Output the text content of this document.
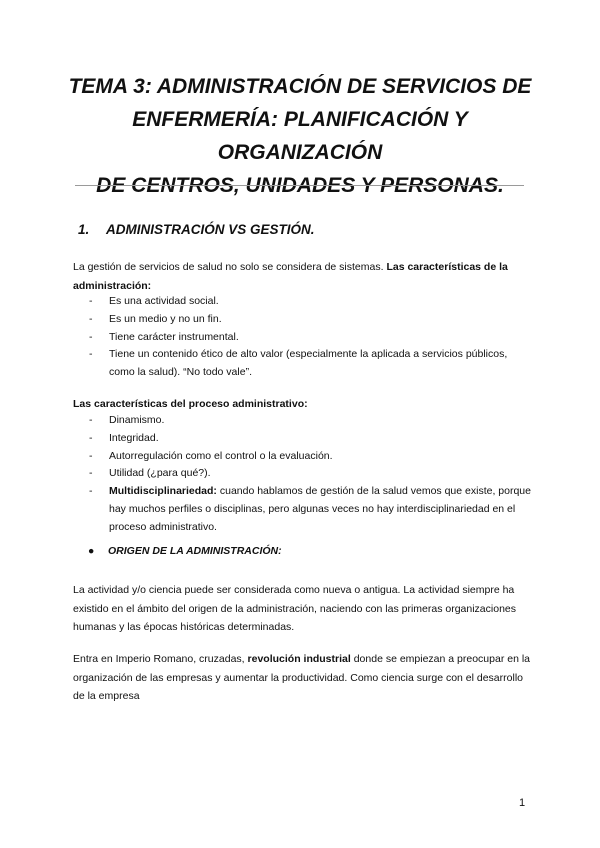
TEMA 3: ADMINISTRACIÓN DE SERVICIOS DE
ENFERMERÍA: PLANIFICACIÓN Y ORGANIZACIÓN
DE CENTROS, UNIDADES Y PERSONAS.
1. ADMINISTRACIÓN VS GESTIÓN.

La gestión de servicios de salud no solo se considera de sistemas. Las características de la administración:

- Es una actividad social.
- Es un medio y no un fin.
- Tiene carácter instrumental.
- Tiene un contenido ético de alto valor (especialmente la aplicada a servicios públicos, como la salud). “No todo vale”.

Las características del proceso administrativo:

- Dinamismo.
- Integridad.
- Autorregulación como el control o la evaluación.
- Utilidad (¿para qué?).
- Multidisciplinariedad: cuando hablamos de gestión de la salud vemos que existe, porque hay muchos perfiles o disciplinas, pero algunas veces no hay interdisciplinariedad en el proceso administrativo.

● ORIGEN DE LA ADMINISTRACIÓN:

La actividad y/o ciencia puede ser considerada como nueva o antigua. La actividad siempre ha existido en el ámbito del origen de la administración, naciendo con las primeras organizaciones humanas y las épocas históricas determinadas.

Entra en Imperio Romano, cruzadas, revolución industrial donde se empiezan a preocupar en la organización de las empresas y aumentar la productividad. Como ciencia surge con el desarrollo de la empresa

1
